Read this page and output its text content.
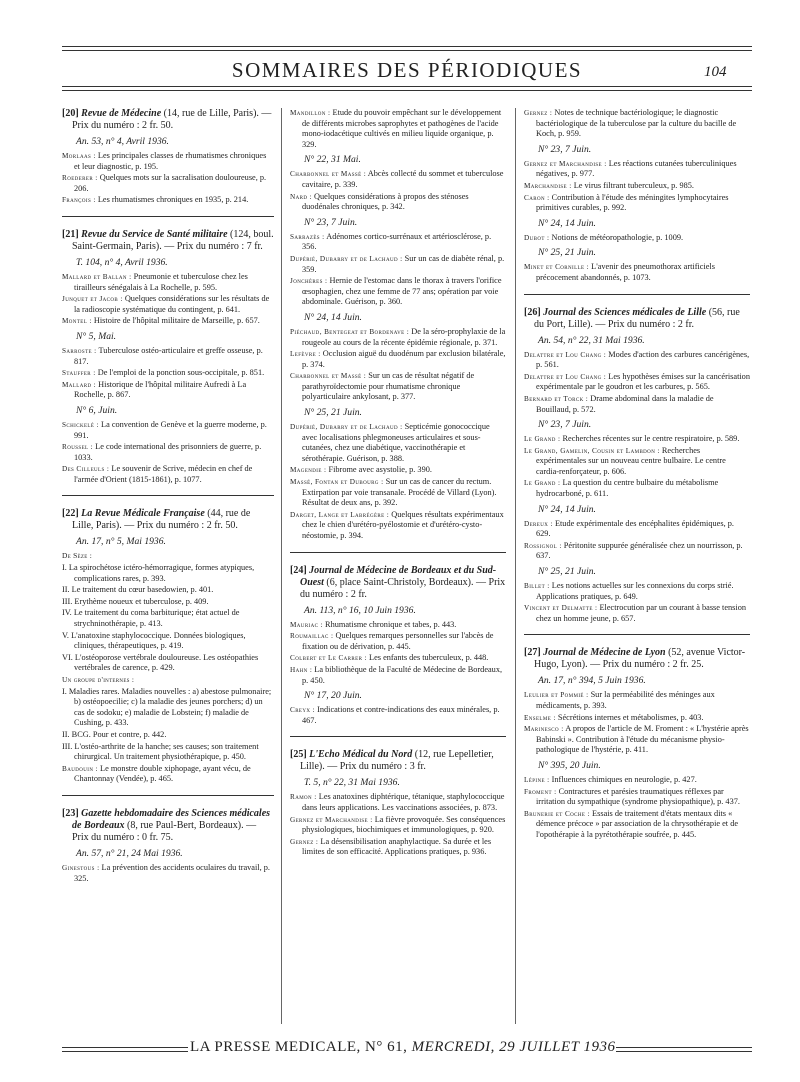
SOMMAIRES DES PÉRIODIQUES	104
[20] Revue de Médecine (14, rue de Lille, Paris). — Prix du numéro : 2 fr. 50.
An. 53, n° 4, Avril 1936.
Morlaas : Les principales classes de rhumatismes chroniques et leur diagnostic, p. 195.
Roederer : Quelques mots sur la sacralisation douloureuse, p. 206.
François : Les rhumatismes chroniques en 1935, p. 214.
[21] Revue du Service de Santé militaire (124, boul. Saint-Germain, Paris). — Prix du numéro : 7 fr.
T. 104, n° 4, Avril 1936.
Mallard et Ballan : Pneumonie et tuberculose chez les tirailleurs sénégalais à La Rochelle, p. 595.
Junquet et Jacob : Quelques considérations sur les résultats de la radioscopie systématique du contingent, p. 641.
Montel : Histoire de l'hôpital militaire de Marseille, p. 657.
N° 5, Mai.
Sarroste : Tuberculose ostéo-articulaire et greffe osseuse, p. 817.
Stauffer : De l'emploi de la ponction sous-occipitale, p. 851.
Mallard : Historique de l'hôpital militaire Aufredi à La Rochelle, p. 867.
N° 6, Juin.
Schickelé : La convention de Genève et la guerre moderne, p. 991.
Roussel : Le code international des prisonniers de guerre, p. 1033.
Des Cilleuls : Le souvenir de Scrive, médecin en chef de l'armée d'Orient (1815-1861), p. 1077.
[22] La Revue Médicale Française (44, rue de Lille, Paris). — Prix du numéro : 2 fr. 50.
An. 17, n° 5, Mai 1936.
De Sèze :
I. La spirochétose ictéro-hémorragique, formes atypiques, complications rares, p. 393.
II. Le traitement du cœur basedowien, p. 401.
III. Erythème noueux et tuberculose, p. 409.
IV. Le traitement du coma barbiturique; état actuel de strychninothérapie, p. 413.
V. L'anatoxine staphylococcique. Données biologiques, cliniques, thérapeutiques, p. 419.
VI. L'ostéoporose vertébrale douloureuse. Les ostéopathies vertébrales de carence, p. 429.
Un groupe d'internes :
I. Maladies rares. Maladies nouvelles : a) abestose pulmonaire; b) ostéopoecilie; c) la maladie des jeunes porchers; d) un cas de sodoku; e) maladie de Lobstein; f) maladie de Cushing, p. 433.
II. BCG. Pour et contre, p. 442.
III. L'ostéo-arthrite de la hanche; ses causes; son traitement chirurgical. Un traitement physiothérapique, p. 450.
Baudouin : Le monstre double xiphopage, ayant vécu, de Chantonnay (Vendée), p. 465.
[23] Gazette hebdomadaire des Sciences médicales de Bordeaux (8, rue Paul-Bert, Bordeaux). — Prix du numéro : 0 fr. 75.
An. 57, n° 21, 24 Mai 1936.
Ginestous : La prévention des accidents oculaires du travail, p. 325.
Mandillon : Etude du pouvoir empêchant sur le développement de différents microbes saprophytes et pathogènes de l'acide mono-iodacétique cultivés en milieu liquide organique, p. 329.
N° 22, 31 Mai.
Charbonnel et Massé : Abcès collecté du sommet et tuberculose cavitaire, p. 339.
Nard : Quelques considérations à propos des sténoses duodénales chroniques, p. 342.
N° 23, 7 Juin.
Sarrazès : Adénomes cortico-surrénaux et artériosclérose, p. 356.
Dupérié, Dubarry et de Lachaud : Sur un cas de diabète rénal, p. 359.
Jonchères : Hernie de l'estomac dans le thorax à travers l'orifice œsophagien, chez une femme de 77 ans; opération par voie abdominale. Guérison, p. 360.
N° 24, 14 Juin.
Piéchaud, Bentegeat et Bordenave : De la séro-prophylaxie de la rougeole au cours de la récente épidémie régionale, p. 371.
Lefèvre : Occlusion aiguë du duodénum par exclusion bilatérale, p. 374.
Charbonnel et Massé : Sur un cas de résultat négatif de parathyroïdectomie pour rhumatisme chronique polyarticulaire ankylosant, p. 377.
N° 25, 21 Juin.
Dupérié, Dubarry et de Lachaud : Septicémie gonococcique avec localisations phlegmoneuses articulaires et sous-cutanées, chez une diabétique, vaccinothérapie et sérothérapie. Guérison, p. 388.
Magendie : Fibrome avec asystolie, p. 390.
Massé, Fontan et Dubourg : Sur un cas de cancer du rectum. Extirpation par voie transanale. Procédé de Villard (Lyon). Résultat de deux ans, p. 392.
Darget, Lange et Labrégère : Quelques résultats expérimentaux chez le chien d'urétéro-pyélostomie et d'urétéro-cysto-néostomie, p. 394.
[24] Journal de Médecine de Bordeaux et du Sud-Ouest (6, place Saint-Christoly, Bordeaux). — Prix du numéro : 2 fr.
An. 113, n° 16, 10 Juin 1936.
Mauriac : Rhumatisme chronique et tabes, p. 443.
Roumaillac : Quelques remarques personnelles sur l'abcès de fixation ou de dérivation, p. 445.
Colbert et Le Carrer : Les enfants des tuberculeux, p. 448.
Hahn : La bibliothèque de la Faculté de Médecine de Bordeaux, p. 450.
N° 17, 20 Juin.
Creyx : Indications et contre-indications des eaux minérales, p. 467.
[25] L'Echo Médical du Nord (12, rue Lepelletier, Lille). — Prix du numéro : 3 fr.
T. 5, n° 22, 31 Mai 1936.
Ramon : Les anatoxines diphtérique, tétanique, staphylococcique dans leurs applications. Les vaccinations associées, p. 873.
Gernez et Marchandise : La fièvre provoquée. Ses conséquences physiologiques, biochimiques et immunologiques, p. 920.
Gernez : La désensibilisation anaphylactique. Sa durée et les limites de son efficacité. Applications pratiques, p. 936.
Gernez : Notes de technique bactériologique; le diagnostic bactériologique de la tuberculose par la culture du bacille de Koch, p. 959.
N° 23, 7 Juin.
Gernez et Marchandise : Les réactions cutanées tuberculiniques négatives, p. 977.
Marchandise : Le virus filtrant tuberculeux, p. 985.
Caron : Contribution à l'étude des méningites lymphocytaires primitives curables, p. 992.
N° 24, 14 Juin.
Dubot : Notions de météoropathologie, p. 1009.
N° 25, 21 Juin.
Minet et Cornille : L'avenir des pneumothorax artificiels précocement abandonnés, p. 1073.
[26] Journal des Sciences médicales de Lille (56, rue du Port, Lille). — Prix du numéro : 2 fr.
An. 54, n° 22, 31 Mai 1936.
Delattre et Lou Chang : Modes d'action des carbures cancérigènes, p. 561.
Delattre et Lou Chang : Les hypothèses émises sur la cancérisation expérimentale par le goudron et les carbures, p. 565.
Bernard et Torck : Drame abdominal dans la maladie de Bouillaud, p. 572.
N° 23, 7 Juin.
Le Grand : Recherches récentes sur le centre respiratoire, p. 589.
Le Grand, Gamelin, Cousin et Lambdon : Recherches expérimentales sur un nouveau centre bulbaire. Le centre cardia-renforçateur, p. 606.
Le Grand : La question du centre bulbaire du métabolisme hydrocarboné, p. 611.
N° 24, 14 Juin.
Dereux : Etude expérimentale des encéphalites épidémiques, p. 629.
Rossignol : Péritonite suppurée généralisée chez un nourrisson, p. 637.
N° 25, 21 Juin.
Billet : Les notions actuelles sur les connexions du corps strié. Applications pratiques, p. 649.
Vincent et Delmatte : Electrocution par un courant à basse tension chez un homme jeune, p. 657.
[27] Journal de Médecine de Lyon (52, avenue Victor-Hugo, Lyon). — Prix du numéro : 2 fr. 25.
An. 17, n° 394, 5 Juin 1936.
Leulier et Pommié : Sur la perméabilité des méninges aux médicaments, p. 393.
Enselme : Sécrétions internes et métabolismes, p. 403.
Marinesco : A propos de l'article de M. Froment : « L'hystérie après Babinski ». Contribution à l'étude du mécanisme physio-pathologique de l'hystérie, p. 411.
N° 395, 20 Juin.
Lépine : Influences chimiques en neurologie, p. 427.
Froment : Contractures et parésies traumatiques réflexes par irritation du sympathique (syndrome physiopathique), p. 437.
Brunerie et Coche : Essais de traitement d'états mentaux dits « démence précoce » par association de la chrysothérapie et de l'opothérapie à la pyrétothérapie soufrée, p. 445.
LA PRESSE MEDICALE, N° 61, MERCREDI, 29 JUILLET 1936
